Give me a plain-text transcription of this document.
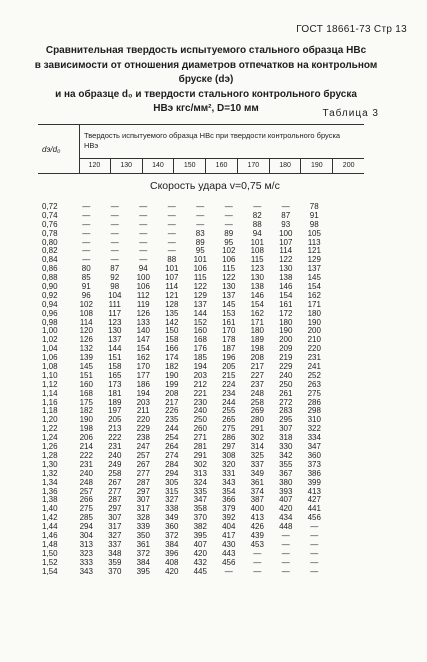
ГОСТ 18661-73 Стр 13
Сравнительная твердость испытуемого стального образца HBс
в зависимости от отношения диаметров отпечатков на контрольном бруске (dэ)
и на образце d₀ и твердости стального контрольного бруска
HBэ кгс/мм², D=10 мм	Таблица 3
dэ/d₀
Твердость испытуемого образца HBс при твердости контрольного бруска HBэ
120	130	140	150	160	170	180	190	200
Скорость удара v=0,75 м/с
0,72	—	—	—	—	—	—	—	—	78
0,74	—	—	—	—	—	—	82	87	91
0,76	—	—	—	—	—	—	88	93	98
0,78	—	—	—	—	83	89	94	100	105
0,80	—	—	—	—	89	95	101	107	113
0,82	—	—	—	—	95	102	108	114	121
0,84	—	—	—	88	101	106	115	122	129
0,86	80	87	94	101	106	115	123	130	137
0,88	85	92	100	107	115	122	130	138	145
0,90	91	98	106	114	122	130	138	146	154
0,92	96	104	112	121	129	137	146	154	162
0,94	102	111	119	128	137	145	154	161	171
0,96	108	117	126	135	144	153	162	172	180
0,98	114	123	133	142	152	161	171	180	190
1,00	120	130	140	150	160	170	180	190	200
1,02	126	137	147	158	168	178	189	200	210
1,04	132	144	154	166	176	187	198	209	220
1,06	139	151	162	174	185	196	208	219	231
1,08	145	158	170	182	194	205	217	229	241
1,10	151	165	177	190	203	215	227	240	252
1,12	160	173	186	199	212	224	237	250	263
1,14	168	181	194	208	221	234	248	261	275
1,16	175	189	203	217	230	244	258	272	286
1,18	182	197	211	226	240	255	269	283	298
1,20	190	205	220	235	250	265	280	295	310
1,22	198	213	229	244	260	275	291	307	322
1,24	206	222	238	254	271	286	302	318	334
1,26	214	231	247	264	281	297	314	330	347
1,28	222	240	257	274	291	308	325	342	360
1,30	231	249	267	284	302	320	337	355	373
1,32	240	258	277	294	313	331	349	367	386
1,34	248	267	287	305	324	343	361	380	399
1,36	257	277	297	315	335	354	374	393	413
1,38	266	287	307	327	347	366	387	407	427
1,40	275	297	317	338	358	379	400	420	441
1,42	285	307	328	349	370	392	413	434	456
1,44	294	317	339	360	382	404	426	448	—
1,46	304	327	350	372	395	417	439	—	—
1,48	313	337	361	384	407	430	453	—	—
1,50	323	348	372	396	420	443	—	—	—
1,52	333	359	384	408	432	456	—	—	—
1,54	343	370	395	420	445	—	—	—	—
